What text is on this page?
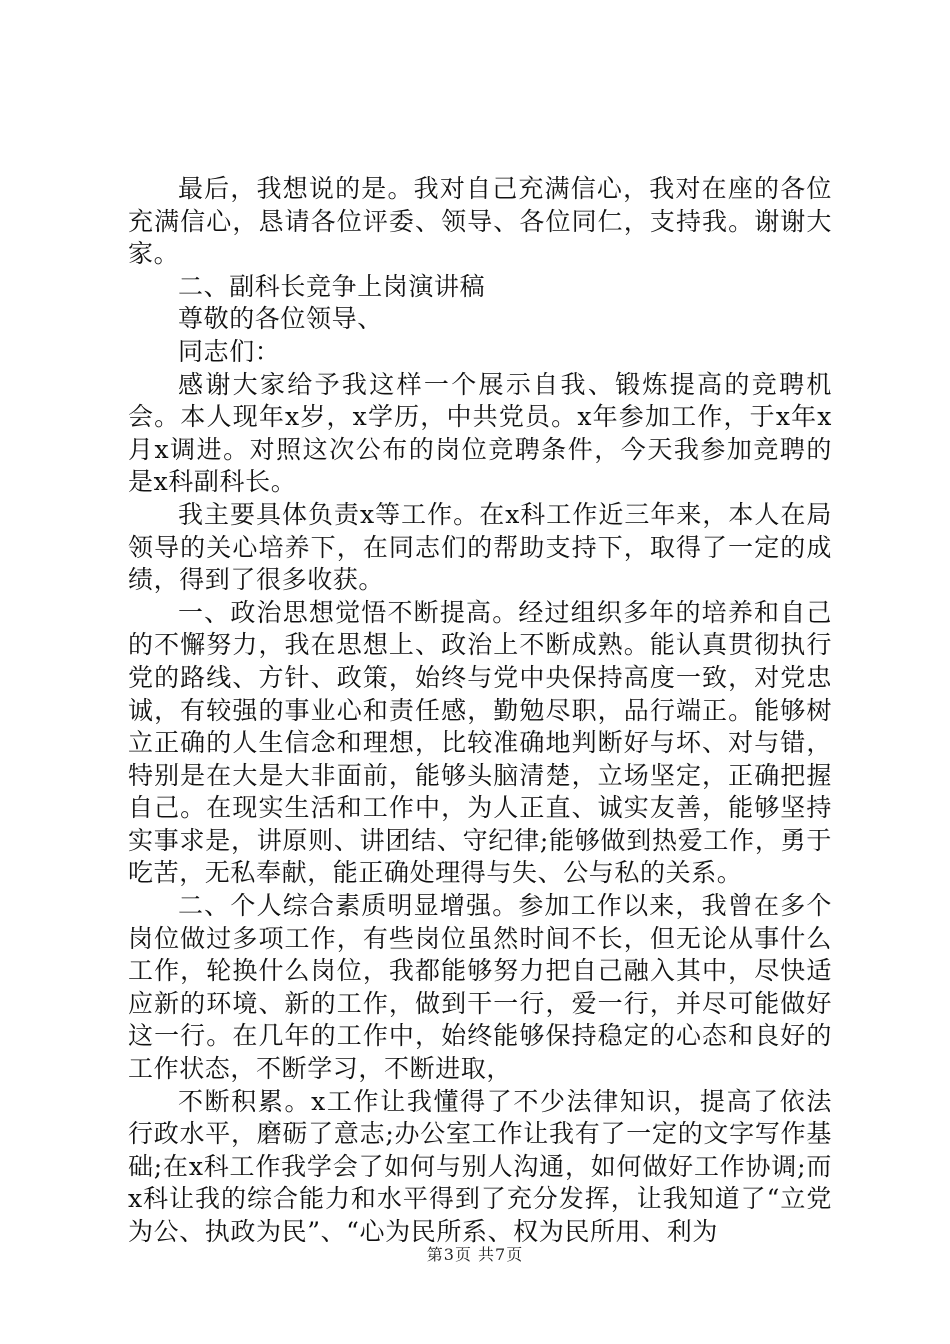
最后，我想说的是。我对自己充满信心，我对在座的各位充满信心，恳请各位评委、领导、各位同仁，支持我。谢谢大家。

二、副科长竞争上岗演讲稿

尊敬的各位领导、

同志们：

感谢大家给予我这样一个展示自我、锻炼提高的竞聘机会。本人现年x岁，x学历，中共党员。x年参加工作，于x年x月x调进。对照这次公布的岗位竞聘条件，今天我参加竞聘的是x科副科长。

我主要具体负责x等工作。在x科工作近三年来，本人在局领导的关心培养下，在同志们的帮助支持下，取得了一定的成绩，得到了很多收获。

一、政治思想觉悟不断提高。经过组织多年的培养和自己的不懈努力，我在思想上、政治上不断成熟。能认真贯彻执行党的路线、方针、政策，始终与党中央保持高度一致，对党忠诚，有较强的事业心和责任感，勤勉尽职，品行端正。能够树立正确的人生信念和理想，比较准确地判断好与坏、对与错，特别是在大是大非面前，能够头脑清楚，立场坚定，正确把握自己。在现实生活和工作中，为人正直、诚实友善，能够坚持实事求是，讲原则、讲团结、守纪律;能够做到热爱工作，勇于吃苦，无私奉献，能正确处理得与失、公与私的关系。

二、个人综合素质明显增强。参加工作以来，我曾在多个岗位做过多项工作，有些岗位虽然时间不长，但无论从事什么工作，轮换什么岗位，我都能够努力把自己融入其中，尽快适应新的环境、新的工作，做到干一行，爱一行，并尽可能做好这一行。在几年的工作中，始终能够保持稳定的心态和良好的工作状态，不断学习，不断进取，

不断积累。x工作让我懂得了不少法律知识，提高了依法行政水平，磨砺了意志;办公室工作让我有了一定的文字写作基础;在x科工作我学会了如何与别人沟通，如何做好工作协调;而x科让我的综合能力和水平得到了充分发挥，让我知道了“立党为公、执政为民”、“心为民所系、权为民所用、利为

第3页 共7页
